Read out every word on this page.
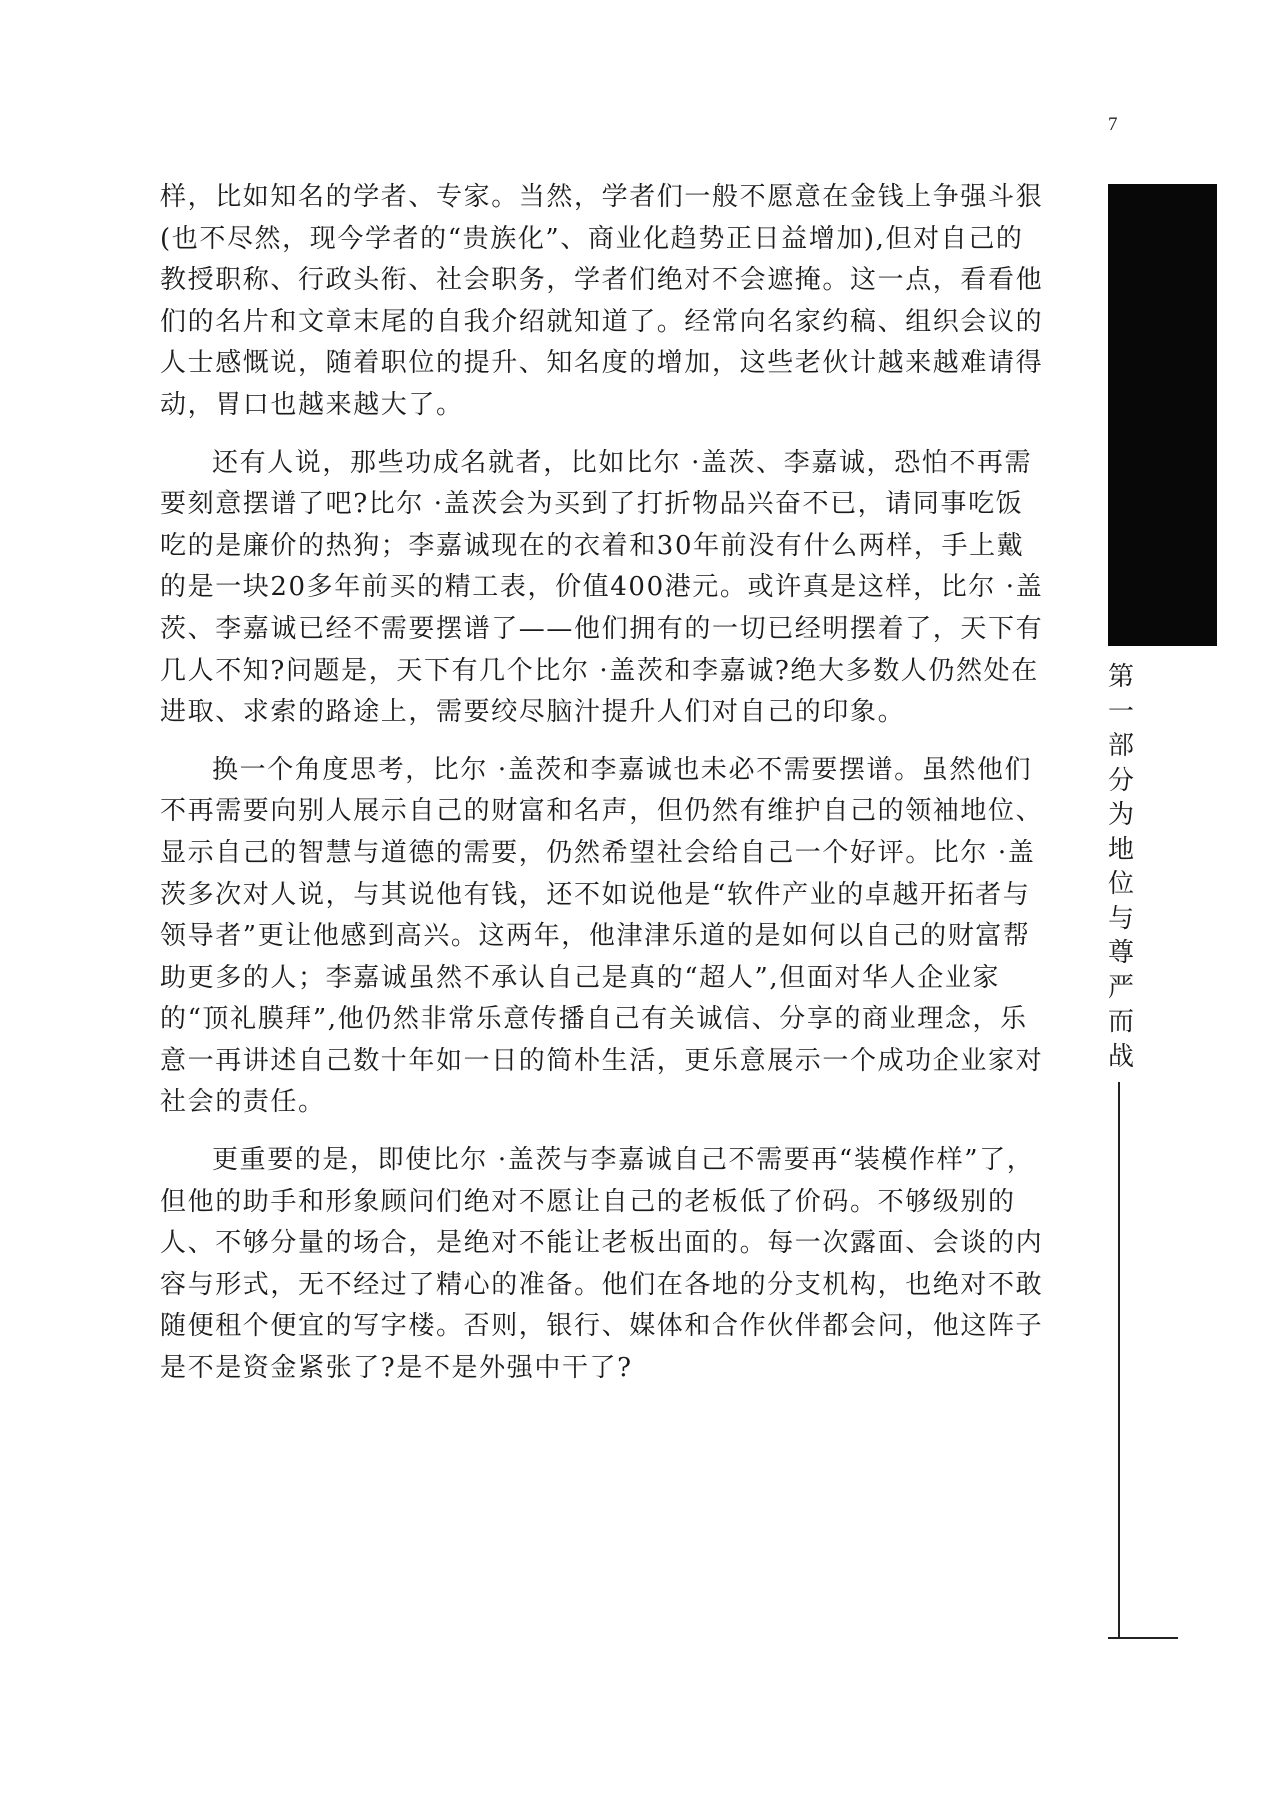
7
第
一
部
分
为
地
位
与
尊
严
而
战

样，比如知名的学者、专家。当然，学者们一般不愿意在金钱上争强斗狠(也不尽然，现今学者的“贵族化”、商业化趋势正日益增加),但对自己的教授职称、行政头衔、社会职务，学者们绝对不会遮掩。这一点，看看他们的名片和文章末尾的自我介绍就知道了。经常向名家约稿、组织会议的人士感慨说，随着职位的提升、知名度的增加，这些老伙计越来越难请得动，胃口也越来越大了。

还有人说，那些功成名就者，比如比尔 ·盖茨、李嘉诚，恐怕不再需要刻意摆谱了吧?比尔 ·盖茨会为买到了打折物品兴奋不已，请同事吃饭吃的是廉价的热狗；李嘉诚现在的衣着和30年前没有什么两样，手上戴的是一块20多年前买的精工表，价值400港元。或许真是这样，比尔 ·盖茨、李嘉诚已经不需要摆谱了——他们拥有的一切已经明摆着了，天下有几人不知?问题是，天下有几个比尔 ·盖茨和李嘉诚?绝大多数人仍然处在进取、求索的路途上，需要绞尽脑汁提升人们对自己的印象。

换一个角度思考，比尔 ·盖茨和李嘉诚也未必不需要摆谱。虽然他们不再需要向别人展示自己的财富和名声，但仍然有维护自己的领袖地位、显示自己的智慧与道德的需要，仍然希望社会给自己一个好评。比尔 ·盖茨多次对人说，与其说他有钱，还不如说他是“软件产业的卓越开拓者与领导者”更让他感到高兴。这两年，他津津乐道的是如何以自己的财富帮助更多的人；李嘉诚虽然不承认自己是真的“超人”,但面对华人企业家的“顶礼膜拜”,他仍然非常乐意传播自己有关诚信、分享的商业理念，乐意一再讲述自己数十年如一日的简朴生活，更乐意展示一个成功企业家对社会的责任。

更重要的是，即使比尔 ·盖茨与李嘉诚自己不需要再“装模作样”了，但他的助手和形象顾问们绝对不愿让自己的老板低了价码。不够级别的人、不够分量的场合，是绝对不能让老板出面的。每一次露面、会谈的内容与形式，无不经过了精心的准备。他们在各地的分支机构，也绝对不敢随便租个便宜的写字楼。否则，银行、媒体和合作伙伴都会问，他这阵子是不是资金紧张了?是不是外强中干了?
